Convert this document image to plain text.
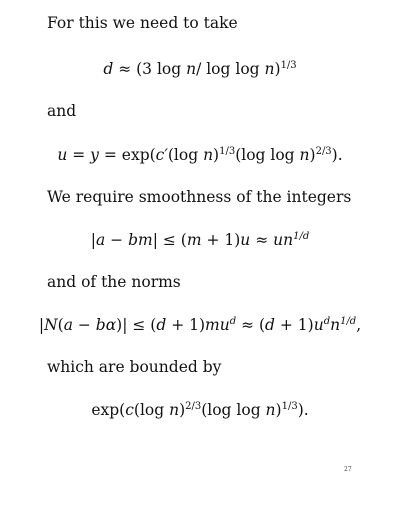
For this we need to take
d ≈ (3 log n/ log log n)$^{1/3}$
and
u = y = exp(c′(log n)$^{1/3}$(log log n)$^{2/3}$).
We require smoothness of the integers
$|a - bm| \le (m + 1)u \approx un^{1/d}$
and of the norms
$|N(a - b\alpha)| \le (d + 1)mu^d \approx (d + 1)u^dn^{1/d}$,
which are bounded by
exp(c(log n)$^{2/3}$(log log n)$^{1/3}$).
27
